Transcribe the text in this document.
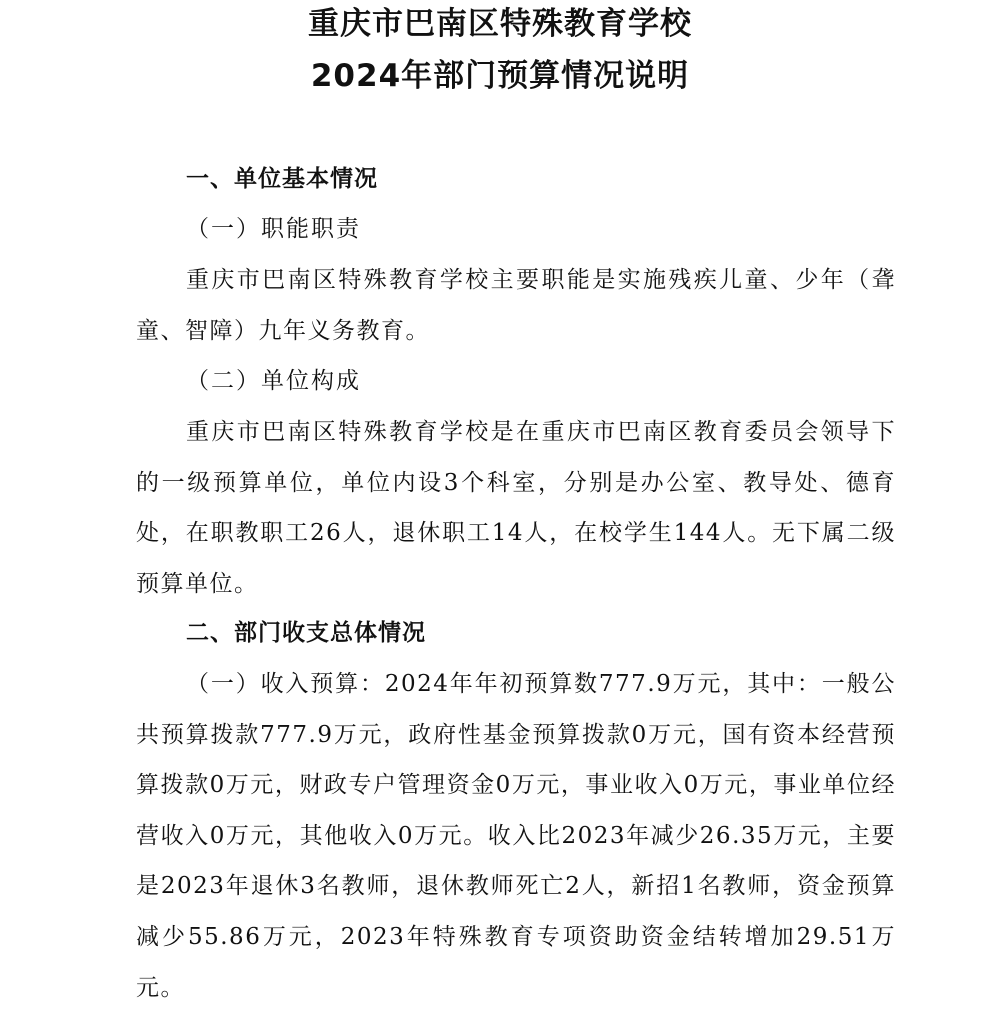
重庆市巴南区特殊教育学校
2024年部门预算情况说明
一、单位基本情况
（一）职能职责
重庆市巴南区特殊教育学校主要职能是实施残疾儿童、少年（聋童、智障）九年义务教育。
（二）单位构成
重庆市巴南区特殊教育学校是在重庆市巴南区教育委员会领导下的一级预算单位，单位内设3个科室，分别是办公室、教导处、德育处，在职教职工26人，退休职工14人，在校学生144人。无下属二级预算单位。
二、部门收支总体情况
（一）收入预算：2024年年初预算数777.9万元，其中：一般公共预算拨款777.9万元，政府性基金预算拨款0万元，国有资本经营预算拨款0万元，财政专户管理资金0万元，事业收入0万元，事业单位经营收入0万元，其他收入0万元。收入比2023年减少26.35万元，主要是2023年退休3名教师，退休教师死亡2人，新招1名教师，资金预算减少55.86万元，2023年特殊教育专项资助资金结转增加29.51万元。
